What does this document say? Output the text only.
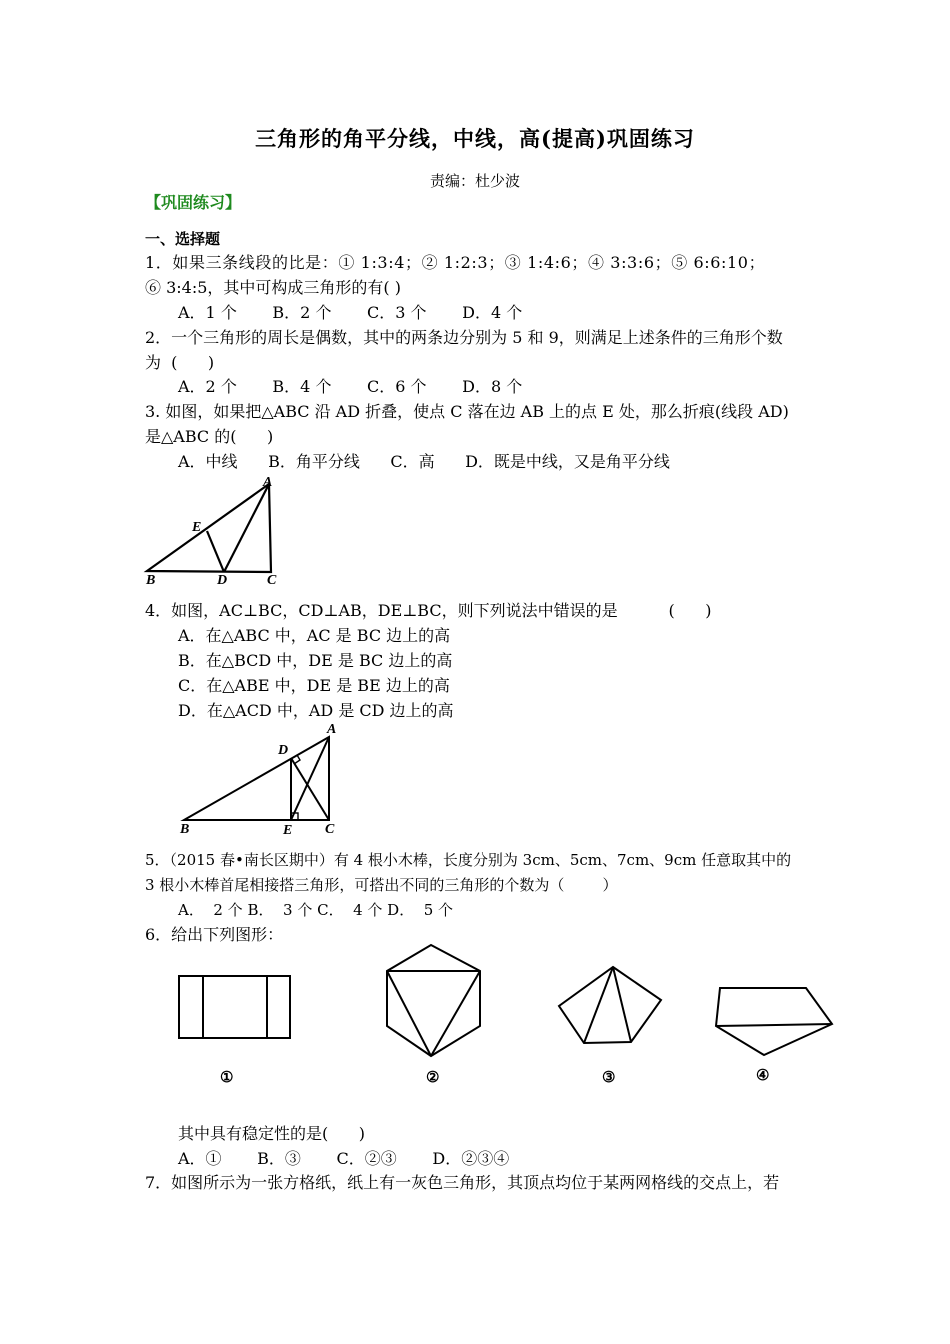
三角形的角平分线，中线，高(提高)巩固练习
责编：杜少波
【巩固练习】
一、选择题
1．如果三条线段的比是：① 1:3:4；② 1:2:3；③ 1:4:6；④ 3:3:6；⑤ 6:6:10；
⑥ 3:4:5，其中可构成三角形的有( )
A．1 个       B．2 个       C．3 个       D．4 个
2．一个三角形的周长是偶数，其中的两条边分别为 5 和 9，则满足上述条件的三角形个数
为  (      )
A．2 个       B．4 个       C．6 个       D．8 个
3. 如图，如果把△ABC 沿 AD 折叠，使点 C 落在边 AB 上的点 E 处，那么折痕(线段 AD)
是△ABC 的(      )
A．中线      B．角平分线      C．高      D．既是中线，又是角平分线
A
E
B	D	C
4．如图，AC⊥BC，CD⊥AB，DE⊥BC，则下列说法中错误的是          (      )
A．在△ABC 中，AC 是 BC 边上的高
B．在△BCD 中，DE 是 BC 边上的高
C．在△ABE 中，DE 是 BE 边上的高
D．在△ACD 中，AD 是 CD 边上的高
D
A
B	E C
5．（2015 春•南长区期中）有 4 根小木棒，长度分别为 3cm、5cm、7cm、9cm 任意取其中的
3 根小木棒首尾相接搭三角形，可搭出不同的三角形的个数为（        ）
A．  2 个 B．  3 个 C．  4 个 D．  5 个
6．给出下列图形：
①	②	③	④
其中具有稳定性的是(      )
A．①       B．③       C．②③       D．②③④
7．如图所示为一张方格纸，纸上有一灰色三角形，其顶点均位于某两网格线的交点上，若
